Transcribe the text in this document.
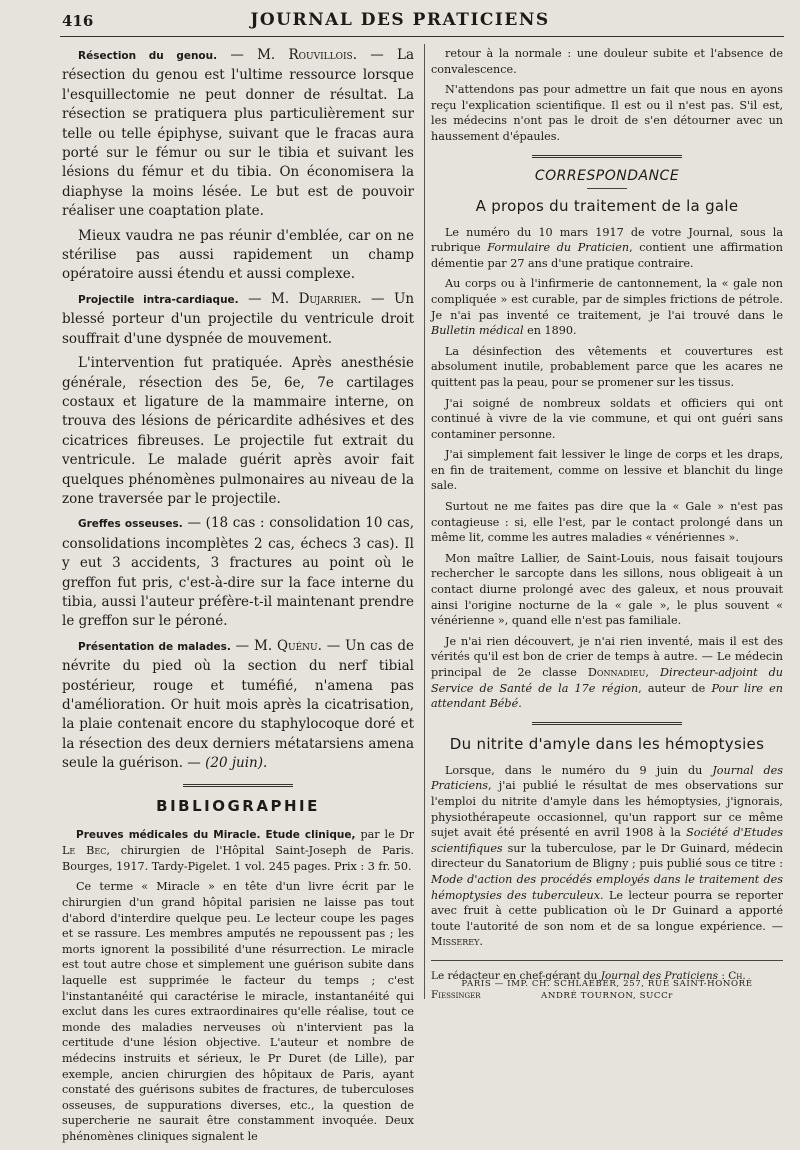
416	JOURNAL DES PRATICIENS

Résection du genou. — M. Rouvillois. — La résection du genou est l'ultime ressource lorsque l'esquillectomie ne peut donner de résultat. La résection se pratiquera plus particulièrement sur telle ou telle épiphyse, suivant que le fracas aura porté sur le fémur ou sur le tibia et suivant les lésions du fémur et du tibia. On économisera la diaphyse la moins lésée. Le but est de pouvoir réaliser une coaptation plate.

Mieux vaudra ne pas réunir d'emblée, car on ne stérilise pas aussi rapidement un champ opératoire aussi étendu et aussi complexe.

Projectile intra-cardiaque. — M. Dujarrier. — Un blessé porteur d'un projectile du ventricule droit souffrait d'une dyspnée de mouvement.

L'intervention fut pratiquée. Après anesthésie générale, résection des 5e, 6e, 7e cartilages costaux et ligature de la mammaire interne, on trouva des lésions de péricardite adhésives et des cicatrices fibreuses. Le projectile fut extrait du ventricule. Le malade guérit après avoir fait quelques phénomènes pulmonaires au niveau de la zone traversée par le projectile.

Greffes osseuses. — (18 cas : consolidation 10 cas, consolidations incomplètes 2 cas, échecs 3 cas). Il y eut 3 accidents, 3 fractures au point où le greffon fut pris, c'est-à-dire sur la face interne du tibia, aussi l'auteur préfère-t-il maintenant prendre le greffon sur le péroné.

Présentation de malades. — M. Quénu. — Un cas de névrite du pied où la section du nerf tibial postérieur, rouge et tuméfié, n'amena pas d'amélioration. Or huit mois après la cicatrisation, la plaie contenait encore du staphylocoque doré et la résection des deux derniers métatarsiens amena seule la guérison. — (20 juin).

BIBLIOGRAPHIE

Preuves médicales du Miracle. Etude clinique, par le Dr Le Bec, chirurgien de l'Hôpital Saint-Joseph de Paris. Bourges, 1917. Tardy-Pigelet. 1 vol. 245 pages. Prix : 3 fr. 50.

Ce terme « Miracle » en tête d'un livre écrit par le chirurgien d'un grand hôpital parisien ne laisse pas tout d'abord d'interdire quelque peu. Le lecteur coupe les pages et se rassure. Les membres amputés ne repoussent pas ; les morts ignorent la possibilité d'une résurrection. Le miracle est tout autre chose et simplement une guérison subite dans laquelle est supprimée le facteur du temps ; c'est l'instantanéité qui caractérise le miracle, instantanéité qui exclut dans les cures extraordinaires qu'elle réalise, tout ce monde des maladies nerveuses où n'intervient pas la certitude d'une lésion objective. L'auteur et nombre de médecins instruits et sérieux, le Pr Duret (de Lille), par exemple, ancien chirurgien des hôpitaux de Paris, ayant constaté des guérisons subites de fractures, de tuberculoses osseuses, de suppurations diverses, etc., la question de supercherie ne saurait être constamment invoquée. Deux phénomènes cliniques signalent le

retour à la normale : une douleur subite et l'absence de convalescence.

N'attendons pas pour admettre un fait que nous en ayons reçu l'explication scientifique. Il est ou il n'est pas. S'il est, les médecins n'ont pas le droit de s'en détourner avec un haussement d'épaules.

CORRESPONDANCE
A propos du traitement de la gale

Le numéro du 10 mars 1917 de votre Journal, sous la rubrique Formulaire du Praticien, contient une affirmation démentie par 27 ans d'une pratique contraire.

Au corps ou à l'infirmerie de cantonnement, la « gale non compliquée » est curable, par de simples frictions de pétrole. Je n'ai pas inventé ce traitement, je l'ai trouvé dans le Bulletin médical en 1890.

La désinfection des vêtements et couvertures est absolument inutile, probablement parce que les acares ne quittent pas la peau, pour se promener sur les tissus.

J'ai soigné de nombreux soldats et officiers qui ont continué à vivre de la vie commune, et qui ont guéri sans contaminer personne.

J'ai simplement fait lessiver le linge de corps et les draps, en fin de traitement, comme on lessive et blanchit du linge sale.

Surtout ne me faites pas dire que la « Gale » n'est pas contagieuse : si, elle l'est, par le contact prolongé dans un même lit, comme les autres maladies « vénériennes ».

Mon maître Lallier, de Saint-Louis, nous faisait toujours rechercher le sarcopte dans les sillons, nous obligeait à un contact diurne prolongé avec des galeux, et nous prouvait ainsi l'origine nocturne de la « gale », le plus souvent « vénérienne », quand elle n'est pas familiale.

Je n'ai rien découvert, je n'ai rien inventé, mais il est des vérités qu'il est bon de crier de temps à autre. — Le médecin principal de 2e classe Donnadieu, Directeur-adjoint du Service de Santé de la 17e région, auteur de Pour lire en attendant Bébé.

Du nitrite d'amyle dans les hémoptysies

Lorsque, dans le numéro du 9 juin du Journal des Praticiens, j'ai publié le résultat de mes observations sur l'emploi du nitrite d'amyle dans les hémoptysies, j'ignorais, physiothérapeute occasionnel, qu'un rapport sur ce même sujet avait été présenté en avril 1908 à la Société d'Etudes scientifiques sur la tuberculose, par le Dr Guinard, médecin directeur du Sanatorium de Bligny ; puis publié sous ce titre : Mode d'action des procédés employés dans le traitement des hémoptysies des tuberculeux. Le lecteur pourra se reporter avec fruit à cette publication où le Dr Guinard a apporté toute l'autorité de son nom et de sa longue expérience. — Misserey.

Le rédacteur en chef-gérant du Journal des Praticiens : Ch. Fiessinger

PARIS — IMP. CH. SCHLAEBER, 257, RUE SAINT-HONORÉ
ANDRÉ TOURNON, SUCCr
